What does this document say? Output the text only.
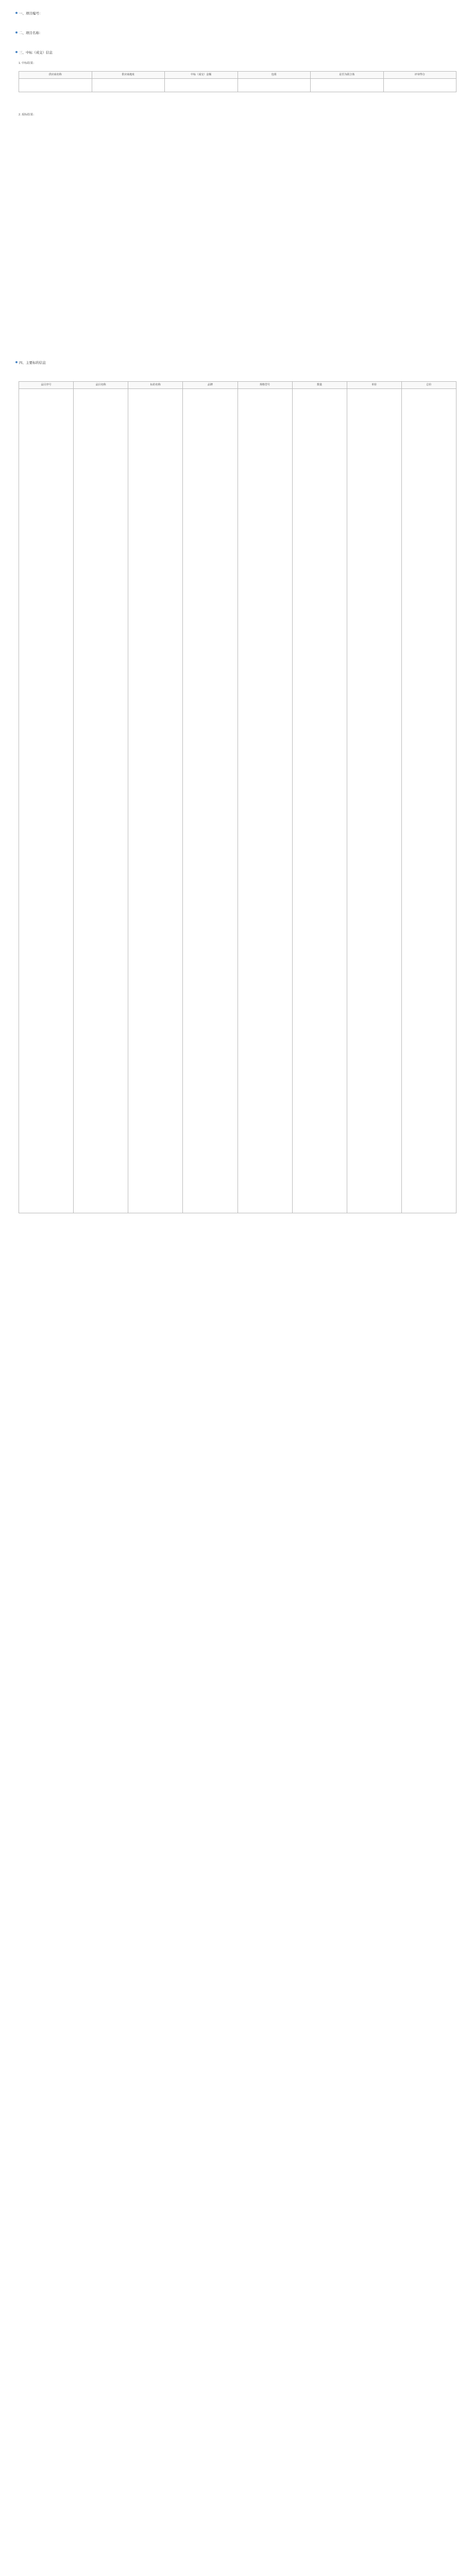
一、项目编号：
二、项目名称：
三、中标（成交）信息
1. 中标结果：
供应商名称	供应商地址	中标（成交）金额	包组	是否为联合体	评审得分

2. 废标结果：
四、主要标的信息
品目序号	品目名称	标的名称	品牌	规格型号	数量	单价	总价
